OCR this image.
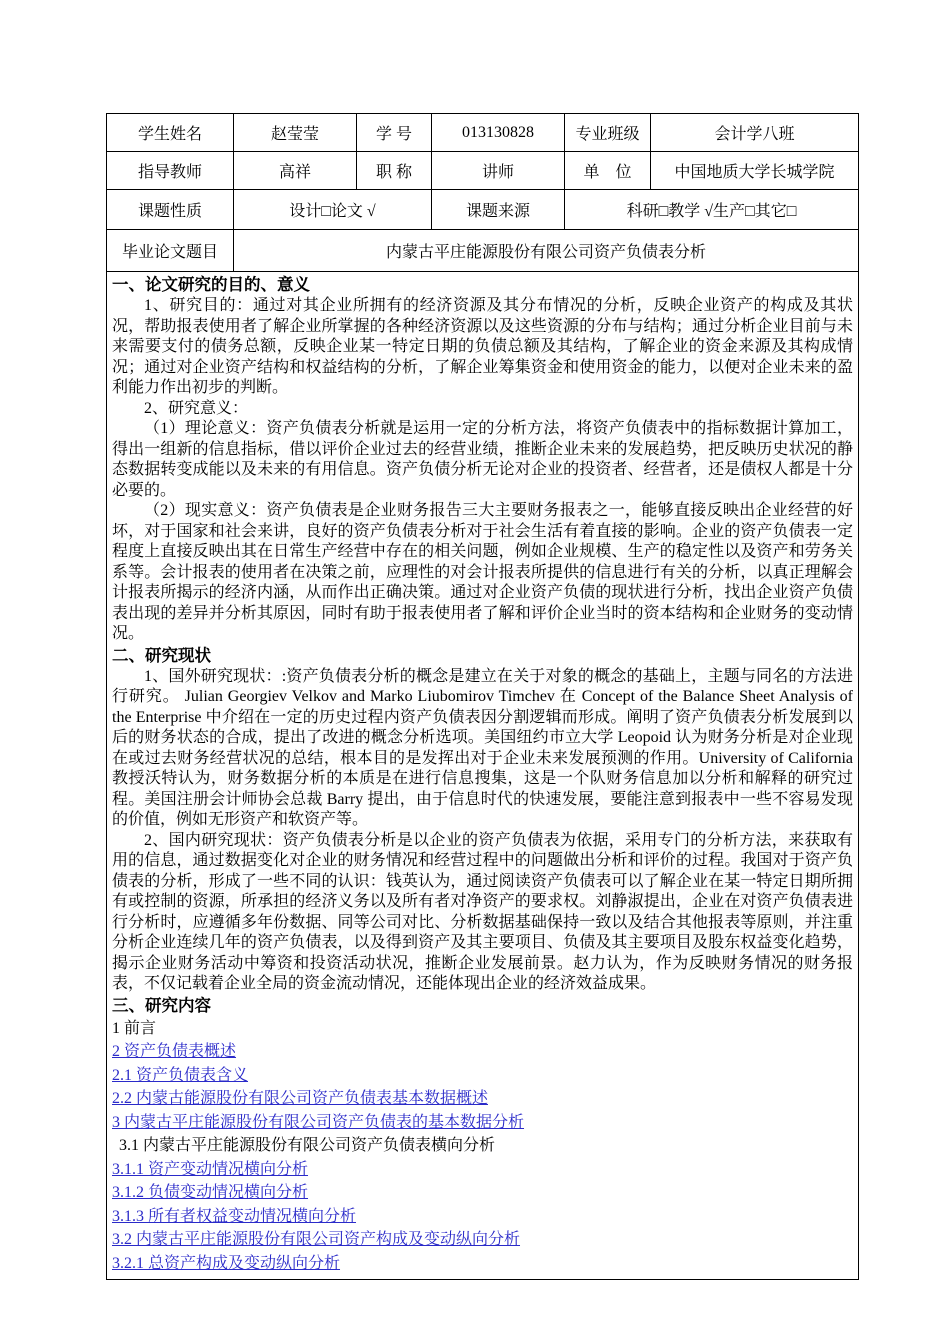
学生姓名	赵莹莹	学 号	013130828	专业班级	会计学八班
指导教师	高祥	职 称	讲师	单　位	中国地质大学长城学院
课题性质	设计□论文 √		课题来源	科研□教学 √生产□其它□	
毕业论文题目	内蒙古平庄能源股份有限公司资产负债表分析				

一、论文研究的目的、意义

1、研究目的：通过对其企业所拥有的经济资源及其分布情况的分析，反映企业资产的构成及其状况，帮助报表使用者了解企业所掌握的各种经济资源以及这些资源的分布与结构；通过分析企业目前与未来需要支付的债务总额，反映企业某一特定日期的负债总额及其结构，了解企业的资金来源及其构成情况；通过对企业资产结构和权益结构的分析，了解企业筹集资金和使用资金的能力，以便对企业未来的盈利能力作出初步的判断。

2、研究意义：

（1）理论意义：资产负债表分析就是运用一定的分析方法，将资产负债表中的指标数据计算加工，得出一组新的信息指标，借以评价企业过去的经营业绩，推断企业未来的发展趋势，把反映历史状况的静态数据转变成能以及未来的有用信息。资产负债分析无论对企业的投资者、经营者，还是债权人都是十分必要的。

（2）现实意义：资产负债表是企业财务报告三大主要财务报表之一，能够直接反映出企业经营的好坏，对于国家和社会来讲，良好的资产负债表分析对于社会生活有着直接的影响。企业的资产负债表一定程度上直接反映出其在日常生产经营中存在的相关问题，例如企业规模、生产的稳定性以及资产和劳务关系等。会计报表的使用者在决策之前，应理性的对会计报表所提供的信息进行有关的分析，以真正理解会计报表所揭示的经济内涵，从而作出正确决策。通过对企业资产负债的现状进行分析，找出企业资产负债表出现的差异并分析其原因，同时有助于报表使用者了解和评价企业当时的资本结构和企业财务的变动情况。

二、研究现状

1、国外研究现状：:资产负债表分析的概念是建立在关于对象的概念的基础上，主题与同名的方法进行研究。 Julian Georgiev Velkov and Marko Liubomirov Timchev 在 Concept of the Balance Sheet Analysis of the Enterprise 中介绍在一定的历史过程内资产负债表因分割逻辑而形成。阐明了资产负债表分析发展到以后的财务状态的合成，提出了改进的概念分析选项。美国纽约市立大学 Leopoid 认为财务分析是对企业现在或过去财务经营状况的总结，根本目的是发挥出对于企业未来发展预测的作用。University of California 教授沃特认为，财务数据分析的本质是在进行信息搜集，这是一个队财务信息加以分析和解释的研究过程。美国注册会计师协会总裁 Barry 提出，由于信息时代的快速发展，要能注意到报表中一些不容易发现的价值，例如无形资产和软资产等。

2、国内研究现状：资产负债表分析是以企业的资产负债表为依据，采用专门的分析方法，来获取有用的信息，通过数据变化对企业的财务情况和经营过程中的问题做出分析和评价的过程。我国对于资产负债表的分析，形成了一些不同的认识：钱英认为，通过阅读资产负债表可以了解企业在某一特定日期所拥有或控制的资源，所承担的经济义务以及所有者对净资产的要求权。刘静淑提出，企业在对资产负债表进行分析时，应遵循多年份数据、同等公司对比、分析数据基础保持一致以及结合其他报表等原则，并注重分析企业连续几年的资产负债表，以及得到资产及其主要项目、负债及其主要项目及股东权益变化趋势，揭示企业财务活动中筹资和投资活动状况，推断企业发展前景。赵力认为，作为反映财务情况的财务报表，不仅记载着企业全局的资金流动情况，还能体现出企业的经济效益成果。

三、研究内容
1 前言
2 资产负债表概述
2.1 资产负债表含义
2.2 内蒙古能源股份有限公司资产负债表基本数据概述
3 内蒙古平庄能源股份有限公司资产负债表的基本数据分析
3.1 内蒙古平庄能源股份有限公司资产负债表横向分析
3.1.1 资产变动情况横向分析
3.1.2 负债变动情况横向分析
3.1.3 所有者权益变动情况横向分析
3.2 内蒙古平庄能源股份有限公司资产构成及变动纵向分析
3.2.1 总资产构成及变动纵向分析
